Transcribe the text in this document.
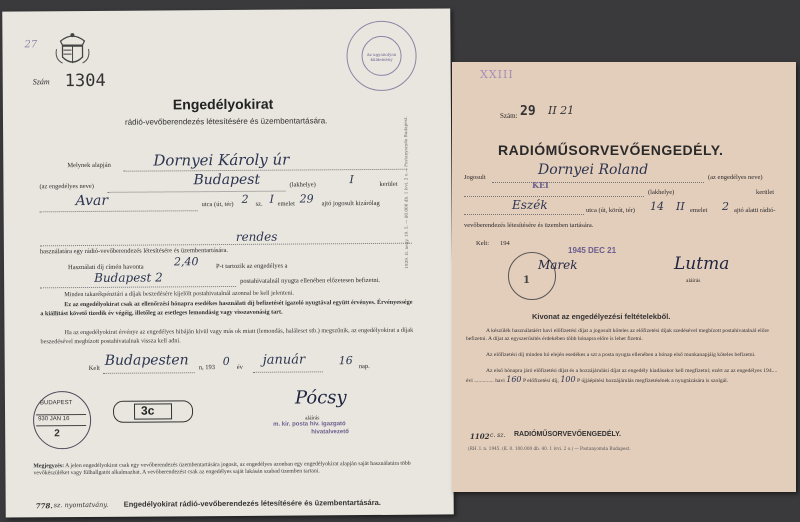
27
Szám 1304
Az ugyanolyan küldemény
Engedélyokirat
rádió-vevőberendezés létesítésére és üzembentartására.
Melynek alapján	Dornyei Károly úr
(az engedélyes neve)	Budapest	(lakhelye)	I	kerület
Avar	utca (út, tér) 2 sz. I emelet 29 ajtó jogosult kizárólag
rendes
használatára egy rádió-vevőberendezés létesítésére és üzembentartására.
Használati díj címén havonta	2,40	P-t tartozik az engedélyes a
Budapest 2	postahivatalnál nyugta ellenében előzetesen befizetni.
Minden takarékpénztári a díjak beszedésére kijelölt postahivatalnál azonnal be kell jelenteni.
Ez az engedélyokirat csak az ellenőrzési hónapra esedékes használati díj befizetését igazoló nyugtával együtt érvényes. Érvényessége a kiállítást követő tizedik év végéig, illetőleg az esetleges lemondásig vagy visszavonásig tart.
Ha az engedélyokirat érvénye az engedélyes hibáján kívül vagy más ok miatt (lemondás, haláleset stb.) megszűnik, az engedélyokirat a díjak beszedésével megbízott postahivatalnak vissza kell adni.
Kelt Budapesten n, 193 0 év január	16 nap.
BUDAPEST
930 JAN 16
2
3c
Pócsy
aláírás
m. kir. posta hiv. igazgató
hivatalvezető
Megjegyzés: A jelen engedélyokirat csak egy vevőberendezés üzembentartására jogosít, az engedélyes azonban egy engedélyokirat alapján saját használatára több vevőkészüléket vagy fülhallgatót alkalmazhat. A vevőberendezést csak az engedélyes saját lakásán szabad üzemben tartani.
778. sz. nyomtatvány. Engedélyokirat rádió-vevőberendezés létesítésére és üzembentartására.
1929. II. negy. 19. 5. — 80.000 db. 1 ívvi. 2 o.— Postanyomda Budapest.
XXIII
Szám: 29 II 21
RADIÓMŰSORVEVŐENGEDÉLY.
Jogosult	Dornyei Roland	(az engedélyes neve)
KEI
(lakhelye)	kerület
Eszék	utca (út, körút, tér) 14 II emelet 2 ajtó alatti rádió-
vevőberendezés létesítésére és üzemben tartására.
Kelt: 194
1945 DEC 21
1
Marek	Lutma
aláírás
Kivonat az engedélyezési feltételekből.
A készülék használatáért havi előfizetési díjat a jogosult köteles az előfizetési díjak szedésével megbízott postahivatalnál előre befizetni. A díjat az egyszerűsítés érdekében több hónapra előre is lehet fizetni.
Az előfizetési díj minden hó elején esedékes a szt a posta nyugta ellenében a hónap első munkanapjáig köteles befizetni.
Az első hónapra járó előfizetési díjat és a hozzájárulási díjat az engedély kiadásakor kell megfizetni; ezért az az engedélyes 194.... évi .............. havi 160 P előfizetési díj, 100 P újjáépítési hozzájárulás megfizetésének a nyugtázására is szolgál.
1102 c. sz. RADIÓMŰSORVEVŐENGEDÉLY.
(RH. I. n. 1945. (K. 0. 100.000 db. 40. 1 ívvi. 2 o.) — Postanyomda Budapest.
